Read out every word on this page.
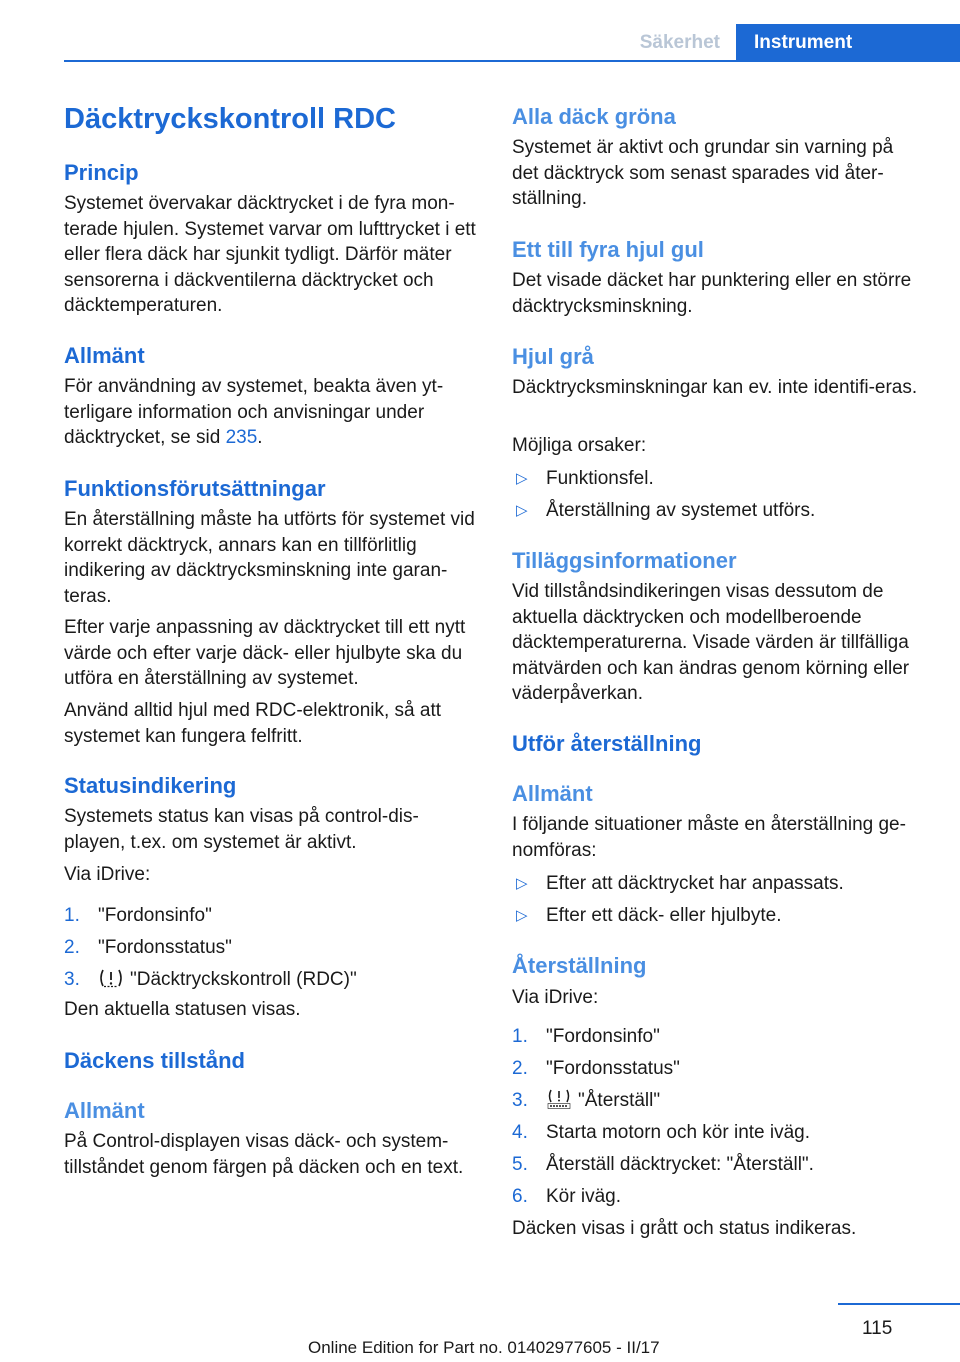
Säkerhet	Instrument
Däcktryckskontroll RDC
Princip
Systemet övervakar däcktrycket i de fyra mon-terade hjulen. Systemet varvar om lufttrycket i ett eller flera däck har sjunkit tydligt. Därför mäter sensorerna i däckventilerna däcktrycket och däcktemperaturen.
Allmänt
För användning av systemet, beakta även yt-terligare information och anvisningar under däcktrycket, se sid 235.
Funktionsförutsättningar
En återställning måste ha utförts för systemet vid korrekt däcktryck, annars kan en tillförlitlig indikering av däcktrycksminskning inte garan-teras.
Efter varje anpassning av däcktrycket till ett nytt värde och efter varje däck- eller hjulbyte ska du utföra en återställning av systemet.
Använd alltid hjul med RDC-elektronik, så att systemet kan fungera felfritt.
Statusindikering
Systemets status kan visas på control-dis-playen, t.ex. om systemet är aktivt.
Via iDrive:
1. "Fordonsinfo"
2. "Fordonsstatus"
3.	"Däcktryckskontroll (RDC)"
Den aktuella statusen visas.
Däckens tillstånd
Allmänt
På Control-displayen visas däck- och system-tillståndet genom färgen på däcken och en text.
Alla däck gröna
Systemet är aktivt och grundar sin varning på det däcktryck som senast sparades vid åter-ställning.
Ett till fyra hjul gul
Det visade däcket har punktering eller en större däcktrycksminskning.
Hjul grå
Däcktrycksminskningar kan ev. inte identifi-eras.
Möjliga orsaker:
▷ Funktionsfel.
▷ Återställning av systemet utförs.
Tilläggsinformationer
Vid tillståndsindikeringen visas dessutom de aktuella däcktrycken och modellberoende däcktemperaturerna. Visade värden är tillfälliga mätvärden och kan ändras genom körning eller väderpåverkan.
Utför återställning
Allmänt
I följande situationer måste en återställning ge-nomföras:
▷ Efter att däcktrycket har anpassats.
▷ Efter ett däck- eller hjulbyte.
Återställning
Via iDrive:
1. "Fordonsinfo"
2. "Fordonsstatus"
3.	"Återställ"
4. Starta motorn och kör inte iväg.
5. Återställ däcktrycket: "Återställ".
6. Kör iväg.
Däcken visas i grått och status indikeras.
115
Online Edition for Part no. 01402977605 - II/17
